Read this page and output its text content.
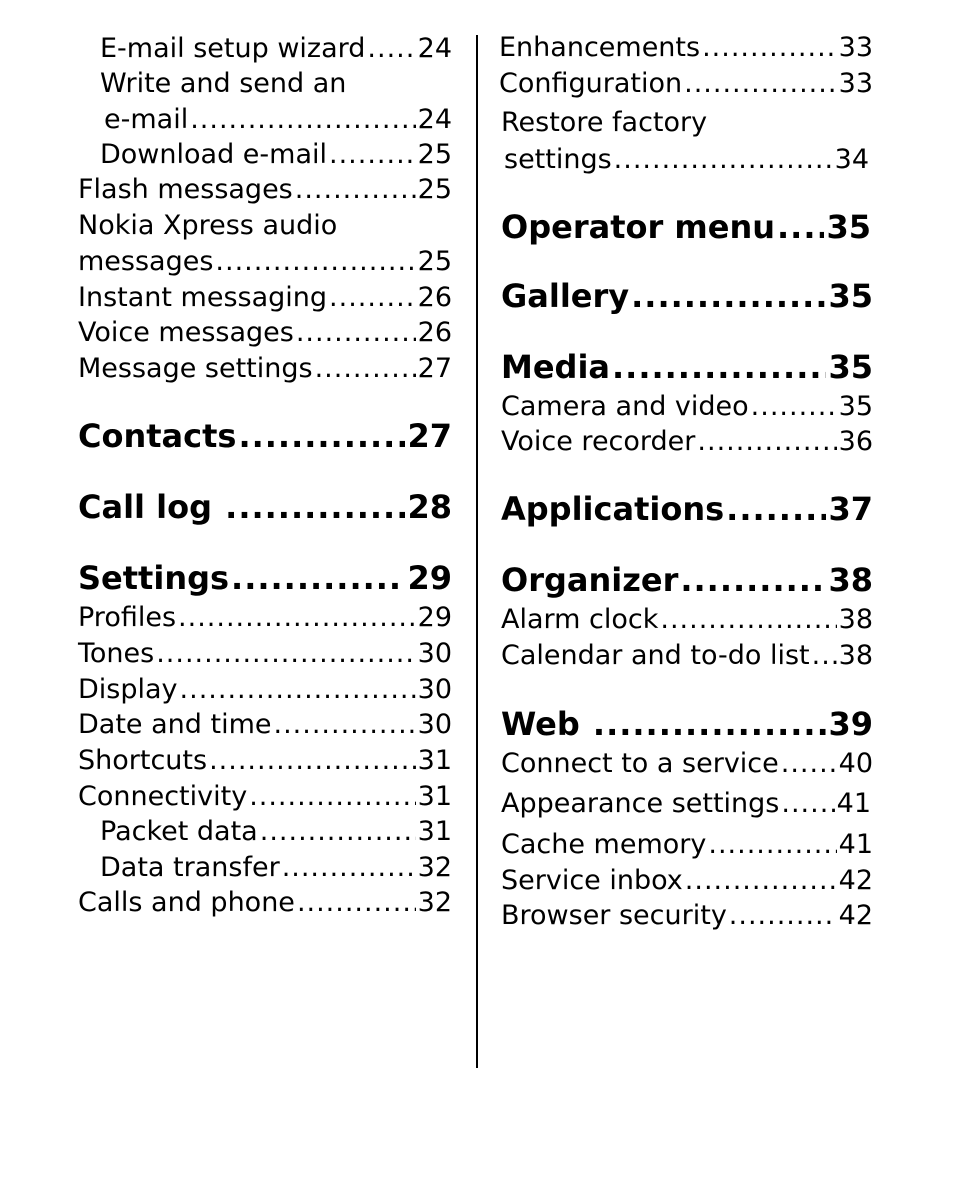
E-mail setup wizard ..... 24
Write and send an
e-mail .....	24
Download e-mail .....	25
Flash messages .....	25
Nokia Xpress audio
messages .....	25
Instant messaging .....	26
Voice messages .....	26
Message settings .....	27
Contacts .....	27
Call log .....	28
Settings .....	29
Profiles .....	29
Tones .....	30
Display .....	30
Date and time .....	30
Shortcuts .....	31
Connectivity .....	31
Packet data .....	31
Data transfer .....	32
Calls and phone .....	32
Enhancements .....	33
Configuration .....	33
Restore factory
settings .....	34
Operator menu ..... 35
Gallery .....	35
Media .....	35
Camera and video .....	35
Voice recorder .....	36
Applications .....	37
Organizer .....	38
Alarm clock .....	38
Calendar and to-do list ..... 38
Web .....	39
Connect to a service ..... 40
Appearance settings ..... 41
Cache memory .....	41
Service inbox .....	42
Browser security .....	42
